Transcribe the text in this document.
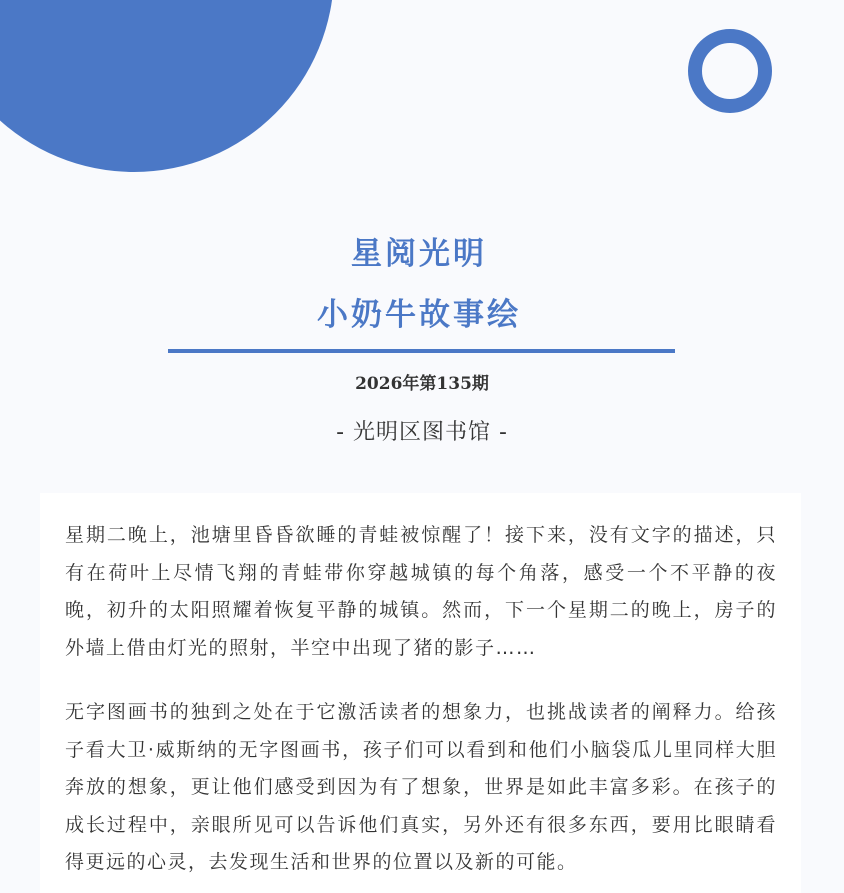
星阅光明
小奶牛故事绘
2026年第135期
- 光明区图书馆 -

星期二晚上，池塘里昏昏欲睡的青蛙被惊醒了！接下来，没有文字的描述，只有在荷叶上尽情飞翔的青蛙带你穿越城镇的每个角落，感受一个不平静的夜晚，初升的太阳照耀着恢复平静的城镇。然而，下一个星期二的晚上，房子的外墙上借由灯光的照射，半空中出现了猪的影子……

无字图画书的独到之处在于它激活读者的想象力，也挑战读者的阐释力。给孩子看大卫·威斯纳的无字图画书，孩子们可以看到和他们小脑袋瓜儿里同样大胆奔放的想象，更让他们感受到因为有了想象，世界是如此丰富多彩。在孩子的成长过程中，亲眼所见可以告诉他们真实，另外还有很多东西，要用比眼睛看得更远的心灵，去发现生活和世界的位置以及新的可能。
